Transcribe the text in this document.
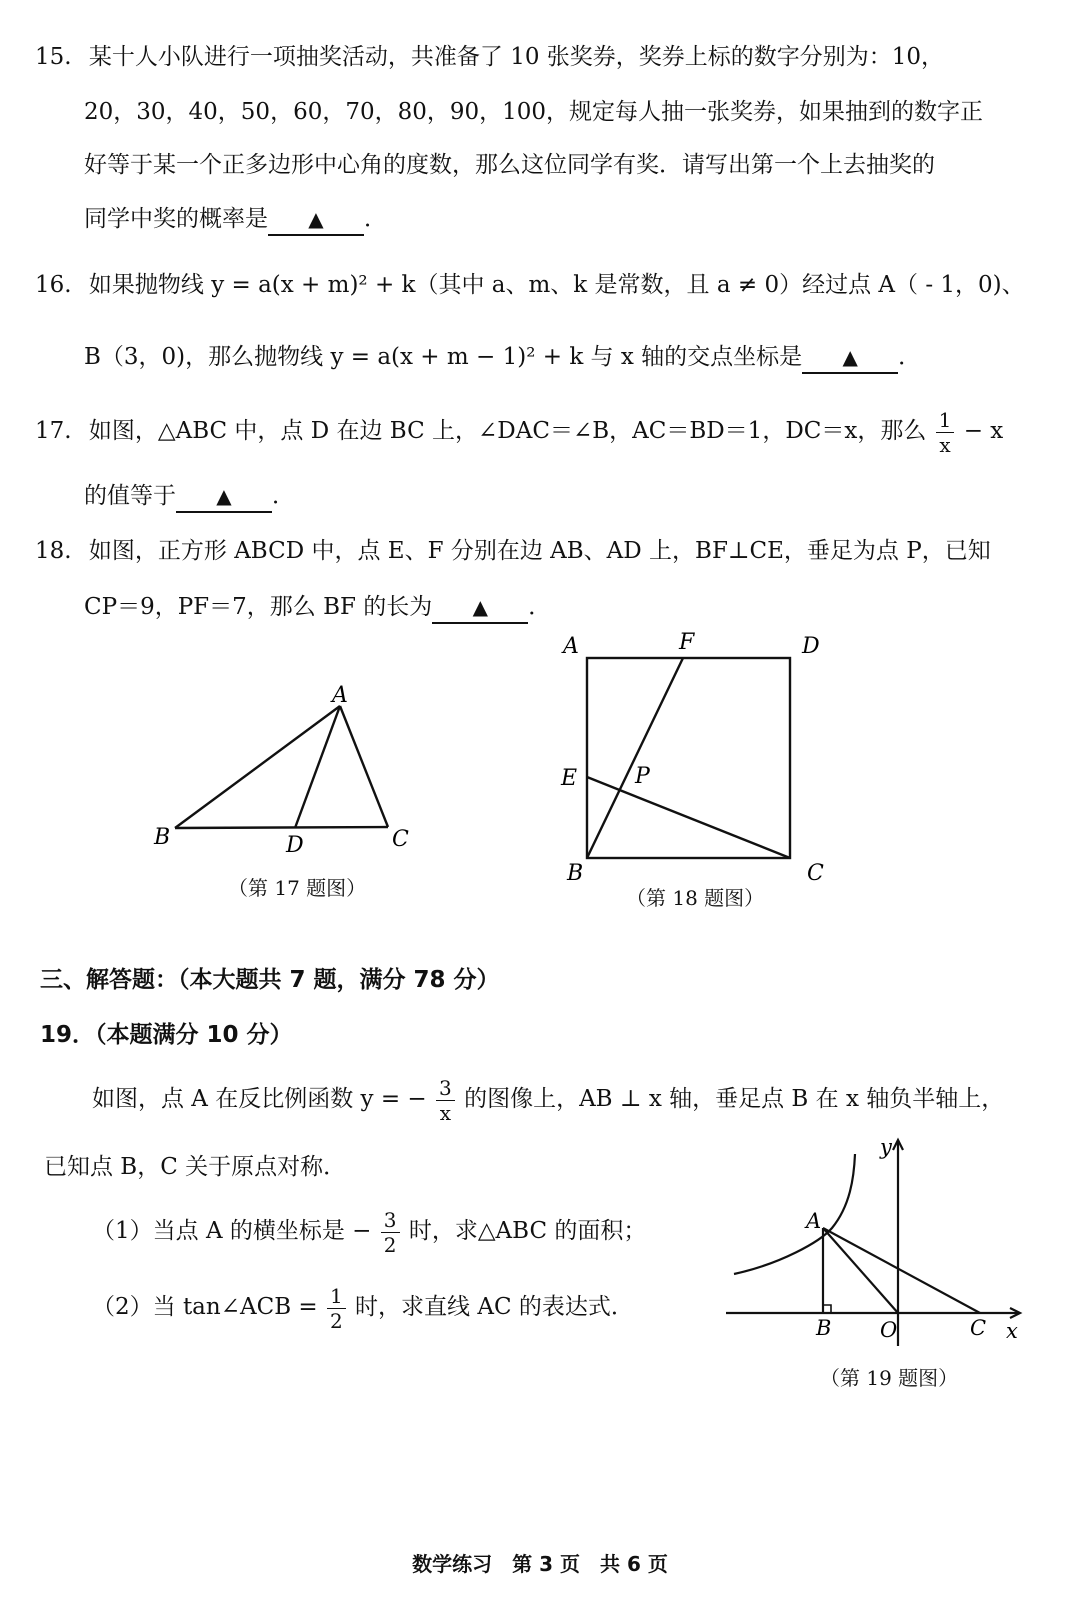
15. 某十人小队进行一项抽奖活动，共准备了 10 张奖券，奖券上标的数字分别为：10，
20，30，40，50，60，70，80，90，100，规定每人抽一张奖券，如果抽到的数字正
好等于某一个正多边形中心角的度数，那么这位同学有奖．请写出第一个上去抽奖的
同学中奖的概率是 ▲ ．
16. 如果抛物线 y = a(x + m)² + k（其中 a、m、k 是常数，且 a ≠ 0）经过点 A（ - 1，0)、
B（3，0)，那么抛物线 y = a(x + m − 1)² + k 与 x 轴的交点坐标是 ▲ ．
17. 如图，△ABC 中，点 D 在边 BC 上，∠DAC＝∠B，AC＝BD＝1，DC＝x，那么 $\frac{1}{x} - x$
的值等于 ▲ ．
18. 如图，正方形 ABCD 中，点 E、F 分别在边 AB、AD 上，BF⊥CE，垂足为点 P，已知
CP＝9，PF＝7，那么 BF 的长为 ▲ ．
A
B	D	C
（第 17 题图）
A	F	D
E	P
B	C
（第 18 题图）
三、解答题：（本大题共 7 题，满分 78 分）
19．（本题满分 10 分）
如图，点 A 在反比例函数 y = − $\frac{3}{x}$ 的图像上，AB ⊥ x 轴，垂足点 B 在 x 轴负半轴上，
已知点 B，C 关于原点对称．
（1）当点 A 的横坐标是 − $\frac{3}{2}$ 时，求△ABC 的面积；
（2）当 tan∠ACB = $\frac{1}{2}$ 时，求直线 AC 的表达式．
y
A
B O	C x
（第 19 题图）
数学练习　第 3 页　共 6 页
